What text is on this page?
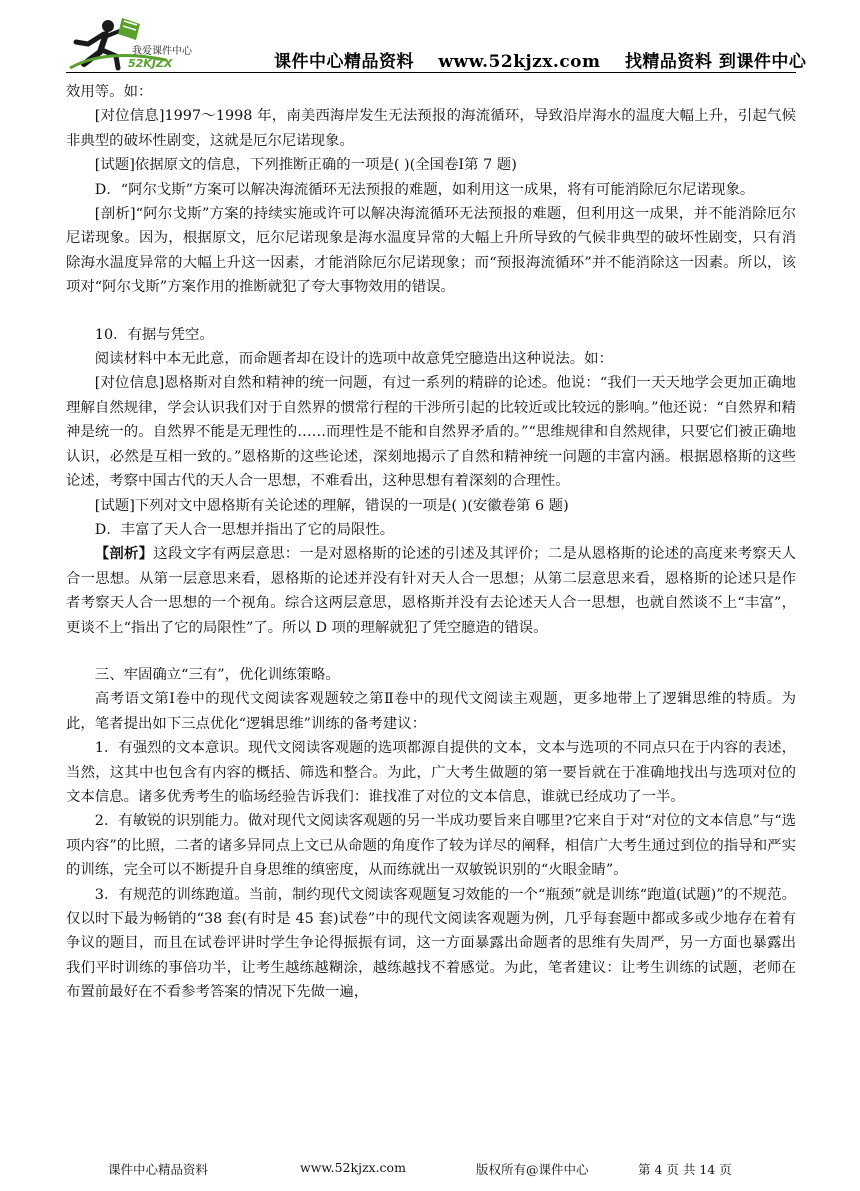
我爱课件中心
52KJZX	课件中心精品资料 www.52kjzx.com 找精品资料 到课件中心

效用等。如：

[对位信息]1997～1998 年，南美西海岸发生无法预报的海流循环，导致沿岸海水的温度大幅上升，引起气候非典型的破坏性剧变，这就是厄尔尼诺现象。

[试题]依据原文的信息，下列推断正确的一项是( )(全国卷Ⅰ第 7 题)

D．“阿尔戈斯”方案可以解决海流循环无法预报的难题，如利用这一成果，将有可能消除厄尔尼诺现象。

[剖析]“阿尔戈斯”方案的持续实施或许可以解决海流循环无法预报的难题，但利用这一成果，并不能消除厄尔尼诺现象。因为，根据原文，厄尔尼诺现象是海水温度异常的大幅上升所导致的气候非典型的破坏性剧变，只有消除海水温度异常的大幅上升这一因素，才能消除厄尔尼诺现象；而“预报海流循环”并不能消除这一因素。所以，该项对“阿尔戈斯”方案作用的推断就犯了夸大事物效用的错误。

10．有据与凭空。

阅读材料中本无此意，而命题者却在设计的选项中故意凭空臆造出这种说法。如：

[对位信息]恩格斯对自然和精神的统一问题，有过一系列的精辟的论述。他说：“我们一天天地学会更加正确地理解自然规律，学会认识我们对于自然界的惯常行程的干涉所引起的比较近或比较远的影响。”他还说：“自然界和精神是统一的。自然界不能是无理性的……而理性是不能和自然界矛盾的。”“思维规律和自然规律，只要它们被正确地认识，必然是互相一致的。”恩格斯的这些论述，深刻地揭示了自然和精神统一问题的丰富内涵。根据恩格斯的这些论述，考察中国古代的天人合一思想，不难看出，这种思想有着深刻的合理性。

[试题]下列对文中恩格斯有关论述的理解，错误的一项是( )(安徽卷第 6 题)

D．丰富了天人合一思想并指出了它的局限性。

【剖析】这段文字有两层意思：一是对恩格斯的论述的引述及其评价；二是从恩格斯的论述的高度来考察天人合一思想。从第一层意思来看，恩格斯的论述并没有针对天人合一思想；从第二层意思来看，恩格斯的论述只是作者考察天人合一思想的一个视角。综合这两层意思，恩格斯并没有去论述天人合一思想，也就自然谈不上“丰富”，更谈不上“指出了它的局限性”了。所以 D 项的理解就犯了凭空臆造的错误。

三、牢固确立“三有”，优化训练策略。

高考语文第Ⅰ卷中的现代文阅读客观题较之第Ⅱ卷中的现代文阅读主观题，更多地带上了逻辑思维的特质。为此，笔者提出如下三点优化“逻辑思维”训练的备考建议：

1．有强烈的文本意识。现代文阅读客观题的选项都源自提供的文本，文本与选项的不同点只在于内容的表述，当然，这其中也包含有内容的概括、筛选和整合。为此，广大考生做题的第一要旨就在于准确地找出与选项对位的文本信息。诸多优秀考生的临场经验告诉我们：谁找准了对位的文本信息，谁就已经成功了一半。

2．有敏锐的识别能力。做对现代文阅读客观题的另一半成功要旨来自哪里?它来自于对“对位的文本信息”与“选项内容”的比照，二者的诸多异同点上文已从命题的角度作了较为详尽的阐释，相信广大考生通过到位的指导和严实的训练，完全可以不断提升自身思维的缜密度，从而练就出一双敏锐识别的“火眼金睛”。

3．有规范的训练跑道。当前，制约现代文阅读客观题复习效能的一个“瓶颈”就是训练“跑道(试题)”的不规范。仅以时下最为畅销的“38 套(有时是 45 套)试卷”中的现代文阅读客观题为例，几乎每套题中都或多或少地存在着有争议的题目，而且在试卷评讲时学生争论得振振有词，这一方面暴露出命题者的思维有失周严，另一方面也暴露出我们平时训练的事倍功半，让考生越练越糊涂，越练越找不着感觉。为此，笔者建议：让考生训练的试题，老师在布置前最好在不看参考答案的情况下先做一遍，

课件中心精品资料	www.52kjzx.com	版权所有@课件中心	第 4 页 共 14 页
